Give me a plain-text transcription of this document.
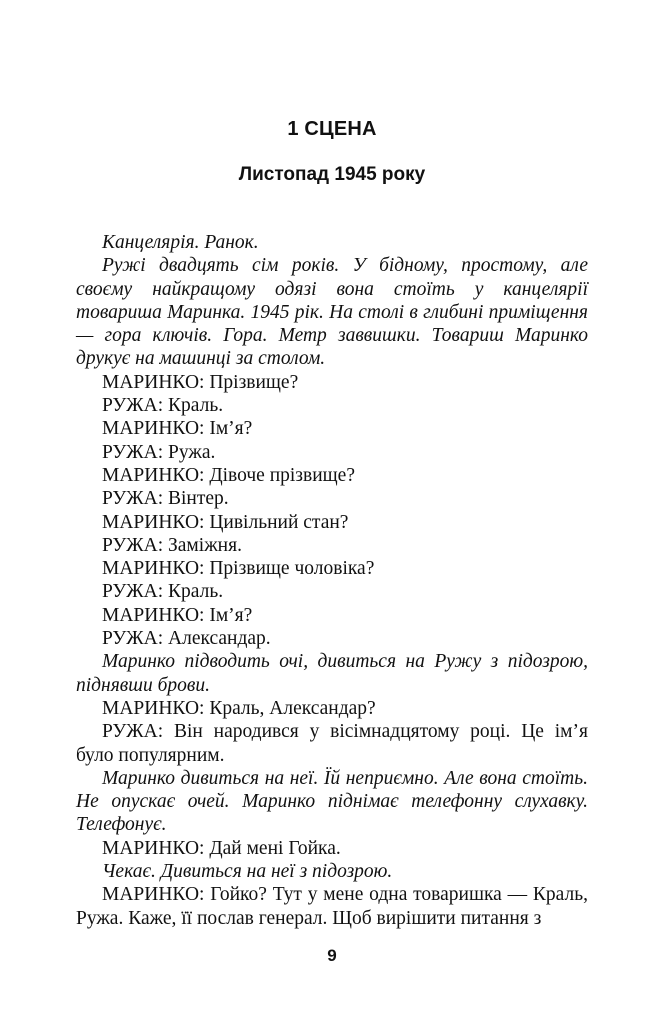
1 СЦЕНА
Листопад 1945 року

Канцелярія. Ранок.

Ружі двадцять сім років. У бідному, простому, але своєму найкращому одязі вона стоїть у канцелярії товариша Маринка. 1945 рік. На столі в глибині приміщення — гора ключів. Гора. Метр заввишки. Товариш Маринко друкує на машинці за столом.

МАРИНКО: Прізвище?

РУЖА: Краль.

МАРИНКО: Ім’я?

РУЖА: Ружа.

МАРИНКО: Дівоче прізвище?

РУЖА: Вінтер.

МАРИНКО: Цивільний стан?

РУЖА: Заміжня.

МАРИНКО: Прізвище чоловіка?

РУЖА: Краль.

МАРИНКО: Ім’я?

РУЖА: Александар.

Маринко підводить очі, дивиться на Ружу з підозрою, піднявши брови.

МАРИНКО: Краль, Александар?

РУЖА: Він народився у вісімнадцятому році. Це ім’я було популярним.

Маринко дивиться на неї. Їй неприємно. Але вона стоїть. Не опускає очей. Маринко піднімає телефонну слухавку. Телефонує.

МАРИНКО: Дай мені Гойка.

Чекає. Дивиться на неї з підозрою.

МАРИНКО: Гойко? Тут у мене одна товаришка — Краль, Ружа. Каже, її послав генерал. Щоб вирішити питання з

9
